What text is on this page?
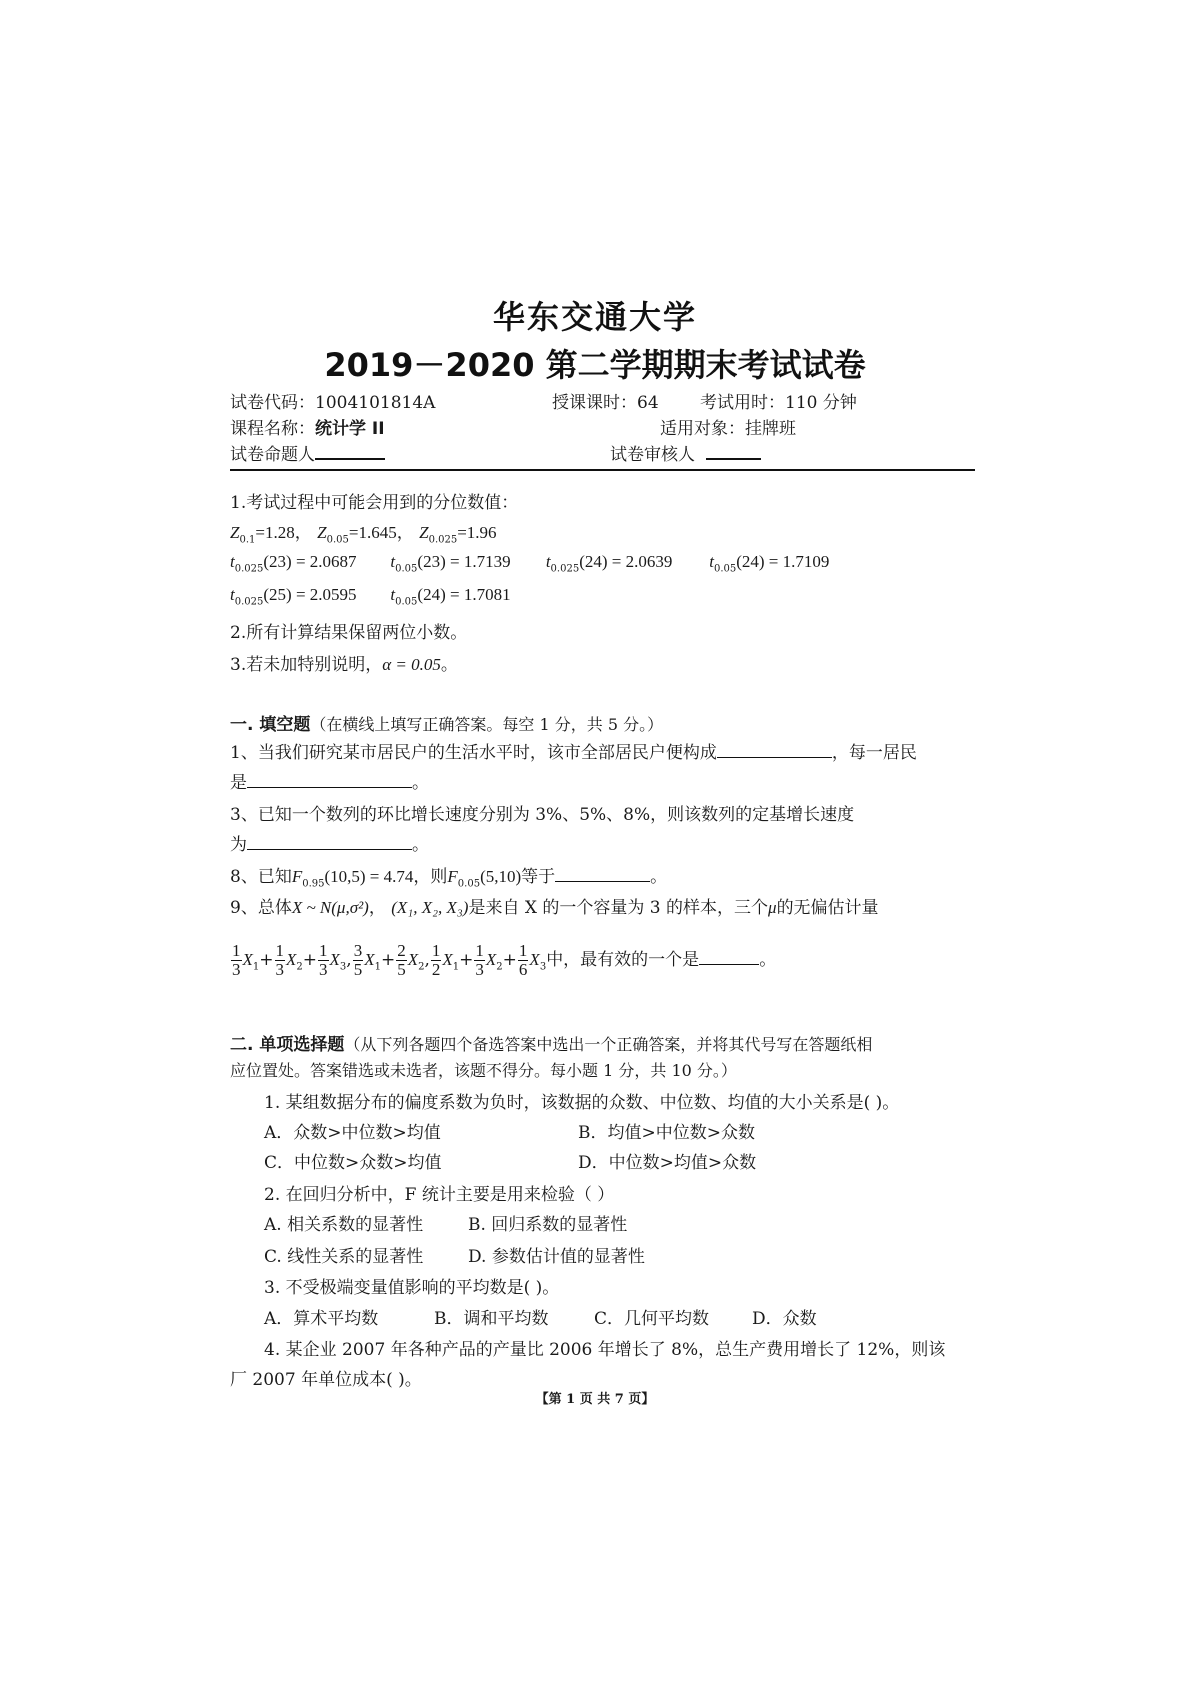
华东交通大学
2019－2020 第二学期期末考试试卷
试卷代码：1004101814A	授课课时：64 考试用时：110 分钟
课程名称：统计学 II	适用对象：挂牌班
试卷命题人	试卷审核人
1.考试过程中可能会用到的分位数值：
$Z_{0.1}=1.28$， $Z_{0.05}=1.645$， $Z_{0.025}=1.96$
$t_{0.025}(23) = 2.0687$ $t_{0.05}(23) = 1.7139$ $t_{0.025}(24) = 2.0639$ $t_{0.05}(24) = 1.7109$
$t_{0.025}(25) = 2.0595$ $t_{0.05}(24) = 1.7081$
2.所有计算结果保留两位小数。
3.若未加特别说明，α = 0.05。
一. 填空题（在横线上填写正确答案。每空 1 分，共 5 分。）
1、当我们研究某市居民户的生活水平时，该市全部居民户便构成	，每一居民
是	。
3、已知一个数列的环比增长速度分别为 3%、5%、8%，则该数列的定基增长速度
为	。
8、已知$F_{0.95}(10,5) = 4.74$，则$F_{0.05}(5,10)$等于	。
9、总体X ~ N(μ,σ²)， (X₁, X₂, X₃)是来自 X 的一个容量为 3 的样本，三个μ的无偏估计量
$\frac{1}{3} X_1+ \frac{1}{3} X_2+ \frac{1}{3} X_3$, $\frac{3}{5} X_1+ \frac{2}{5} X_2$, $\frac{1}{2} X_1+ \frac{1}{3} X_2+ \frac{1}{6} X_3$中，最有效的一个是	。
二. 单项选择题（从下列各题四个备选答案中选出一个正确答案，并将其代号写在答题纸相
应位置处。答案错选或未选者，该题不得分。每小题 1 分，共 10 分。）
1. 某组数据分布的偏度系数为负时，该数据的众数、中位数、均值的大小关系是( )。
A．众数>中位数>均值	B．均值>中位数>众数
C．中位数>众数>均值	D．中位数>均值>众数
2. 在回归分析中，F 统计主要是用来检验（ ）
A. 相关系数的显著性	B. 回归系数的显著性
C. 线性关系的显著性	D. 参数估计值的显著性
3. 不受极端变量值影响的平均数是( )。
A．算术平均数	B．调和平均数	C．几何平均数	D．众数
4. 某企业 2007 年各种产品的产量比 2006 年增长了 8%，总生产费用增长了 12%，则该
厂 2007 年单位成本( )。
【第 1 页 共 7 页】
